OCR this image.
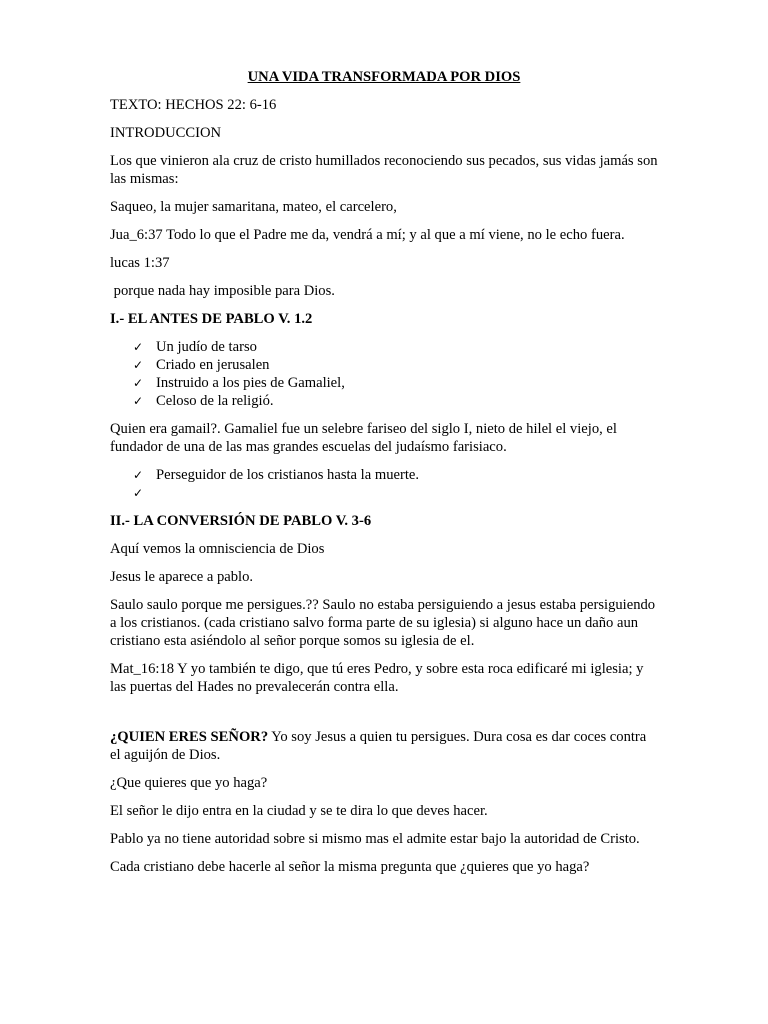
UNA VIDA TRANSFORMADA POR DIOS

TEXTO: HECHOS 22: 6-16

INTRODUCCION

Los que vinieron ala cruz de cristo humillados reconociendo sus pecados, sus vidas jamás son las mismas:

Saqueo, la mujer samaritana, mateo, el carcelero,

Jua_6:37 Todo lo que el Padre me da, vendrá a mí; y al que a mí viene, no le echo fuera.

lucas 1:37

porque nada hay imposible para Dios.

I.- EL ANTES DE PABLO V. 1.2

✓ Un judío de tarso
✓ Criado en jerusalen
✓ Instruido a los pies de Gamaliel,
✓ Celoso de la religió.

Quien era gamail?. Gamaliel fue un selebre fariseo del siglo I, nieto de hilel el viejo, el fundador de una de las mas grandes escuelas del judaísmo farisiaco.

✓ Perseguidor de los cristianos hasta la muerte.
✓

II.- LA CONVERSIÓN DE PABLO V. 3-6

Aquí vemos la omnisciencia de Dios

Jesus le aparece a pablo.

Saulo saulo porque me persigues.?? Saulo no estaba persiguiendo a jesus estaba persiguiendo a los cristianos. (cada cristiano salvo forma parte de su iglesia) si alguno hace un daño aun cristiano esta asiéndolo al señor porque somos su iglesia de el.

Mat_16:18 Y yo también te digo, que tú eres Pedro, y sobre esta roca edificaré mi iglesia; y las puertas del Hades no prevalecerán contra ella.

¿QUIEN ERES SEÑOR? Yo soy Jesus a quien tu persigues. Dura cosa es dar coces contra el aguijón de Dios.

¿Que quieres que yo haga?

El señor le dijo entra en la ciudad y se te dira lo que deves hacer.

Pablo ya no tiene autoridad sobre si mismo mas el admite estar bajo la autoridad de Cristo.

Cada cristiano debe hacerle al señor la misma pregunta que ¿quieres que yo haga?
